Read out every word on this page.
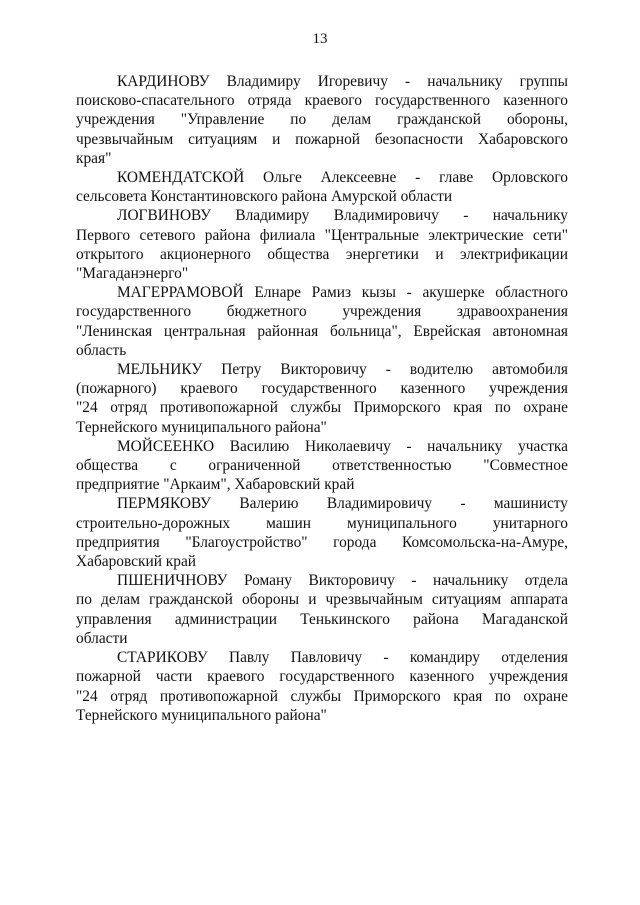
13

КАРДИНОВУ Владимиру Игоревичу - начальнику группы
поисково-спасательного отряда краевого государственного казенного
учреждения "Управление по делам гражданской обороны,
чрезвычайным ситуациям и пожарной безопасности Хабаровского
края"

КОМЕНДАТСКОЙ Ольге Алексеевне - главе Орловского
сельсовета Константиновского района Амурской области

ЛОГВИНОВУ Владимиру Владимировичу - начальнику
Первого сетевого района филиала "Центральные электрические сети"
открытого акционерного общества энергетики и электрификации
"Магаданэнерго"

МАГЕРРАМОВОЙ Елнаре Рамиз кызы - акушерке областного
государственного бюджетного учреждения здравоохранения
"Ленинская центральная районная больница", Еврейская автономная
область

МЕЛЬНИКУ Петру Викторовичу - водителю автомобиля
(пожарного) краевого государственного казенного учреждения
"24 отряд противопожарной службы Приморского края по охране
Тернейского муниципального района"

МОЙСЕЕНКО Василию Николаевичу - начальнику участка
общества с ограниченной ответственностью "Совместное
предприятие "Аркаим", Хабаровский край

ПЕРМЯКОВУ Валерию Владимировичу - машинисту
строительно-дорожных машин муниципального унитарного
предприятия "Благоустройство" города Комсомольска-на-Амуре,
Хабаровский край

ПШЕНИЧНОВУ Роману Викторовичу - начальнику отдела
по делам гражданской обороны и чрезвычайным ситуациям аппарата
управления администрации Тенькинского района Магаданской
области

СТАРИКОВУ Павлу Павловичу - командиру отделения
пожарной части краевого государственного казенного учреждения
"24 отряд противопожарной службы Приморского края по охране
Тернейского муниципального района"
